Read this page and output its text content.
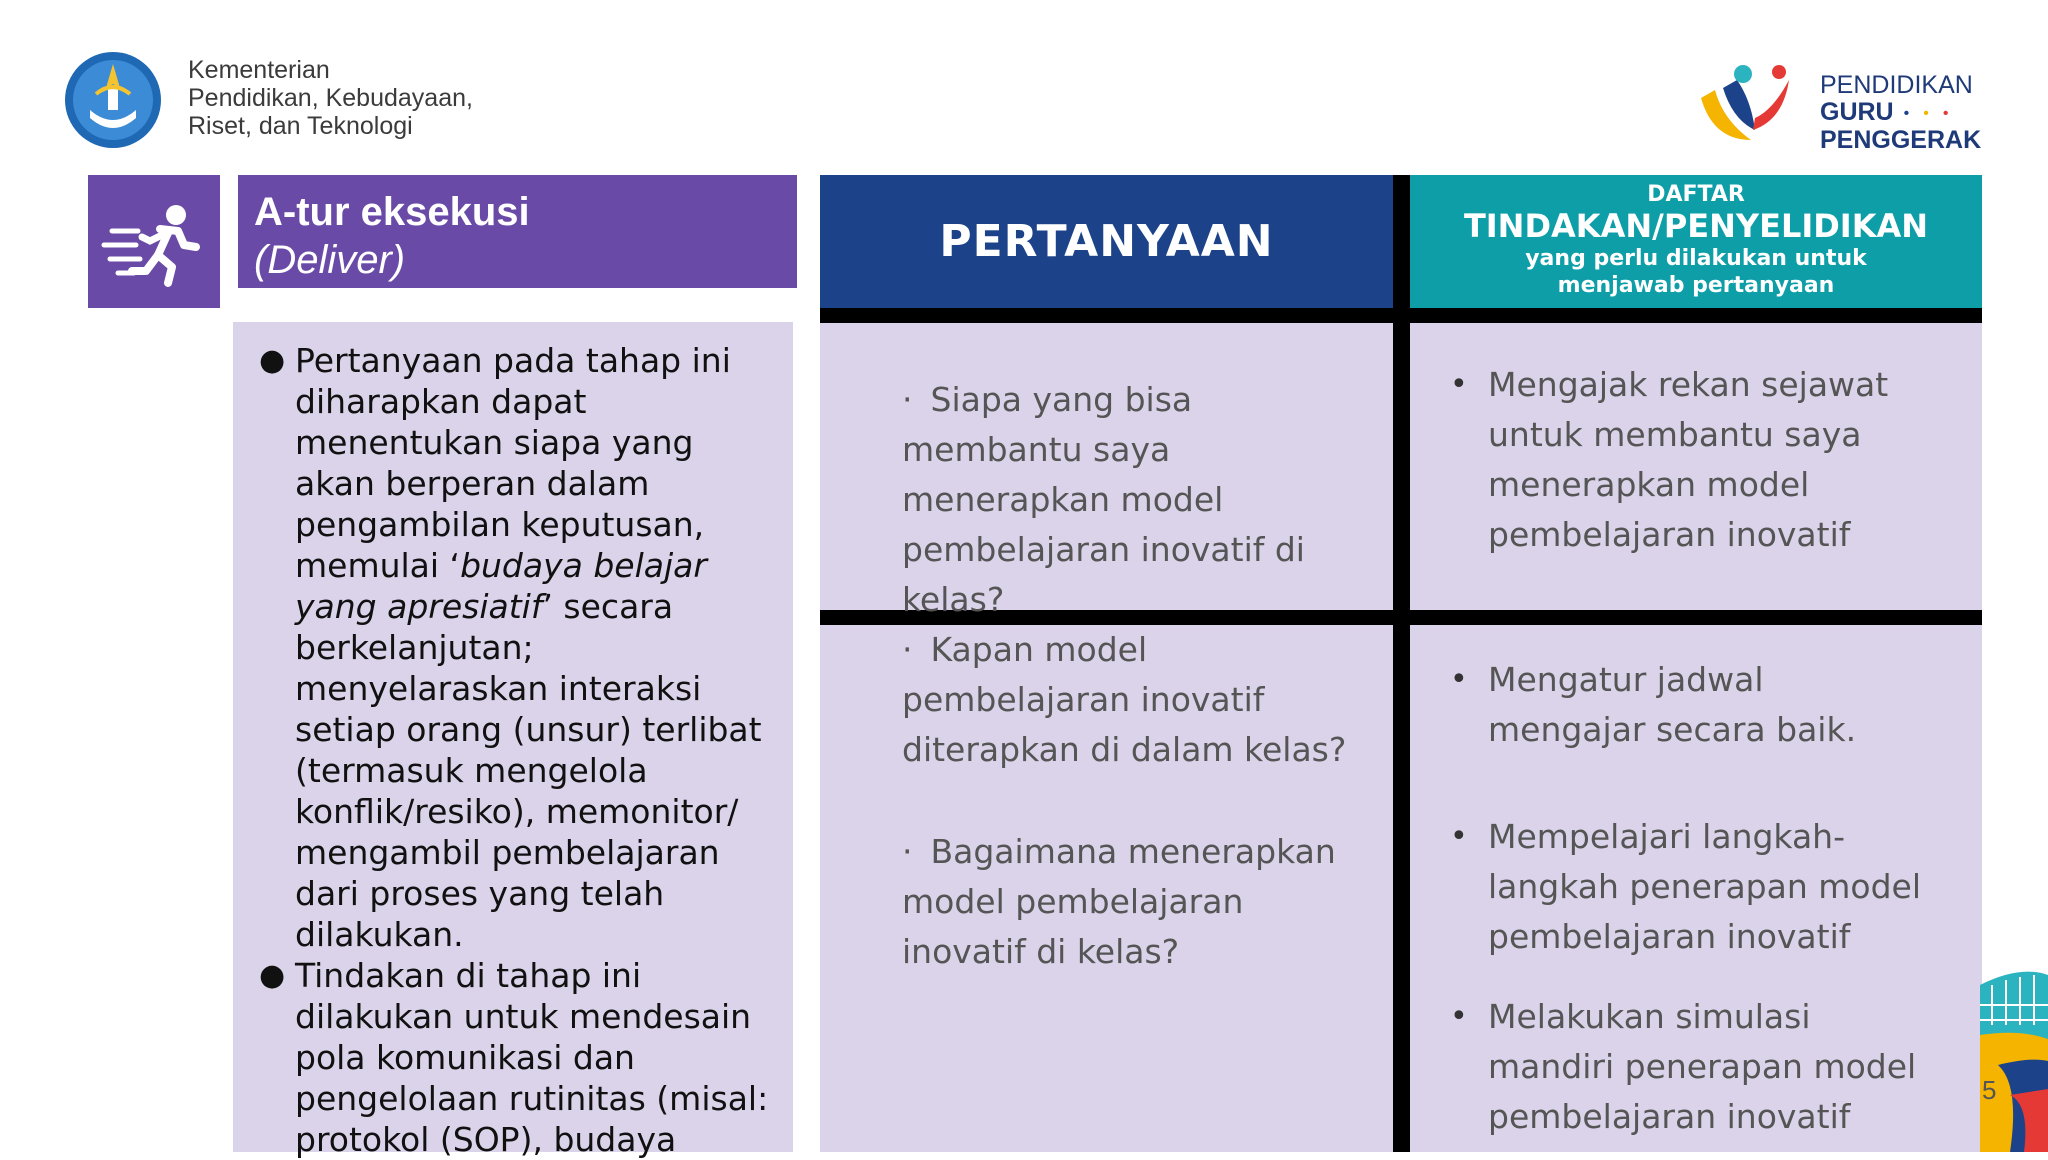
Kementerian
Pendidikan, Kebudayaan,
Riset, dan Teknologi
PENDIDIKAN
GURU •••
PENGGERAK
A-tur eksekusi
(Deliver)
● Pertanyaan pada tahap ini diharapkan dapat menentukan siapa yang akan berperan dalam pengambilan keputusan, memulai ‘budaya belajar yang apresiatif’ secara berkelanjutan; menyelaraskan interaksi setiap orang (unsur) terlibat (termasuk mengelola konflik/resiko), memonitor/ mengambil pembelajaran dari proses yang telah dilakukan.
● Tindakan di tahap ini dilakukan untuk mendesain pola komunikasi dan pengelolaan rutinitas (misal: protokol (SOP), budaya
PERTANYAAN
DAFTAR
TINDAKAN/PENYELIDIKAN
yang perlu dilakukan untuk
menjawab pertanyaan
· Siapa yang bisa membantu saya menerapkan model pembelajaran inovatif di kelas?
· Kapan model pembelajaran inovatif diterapkan di dalam kelas?
· Bagaimana menerapkan model pembelajaran inovatif di kelas?
• Mengajak rekan sejawat untuk membantu saya menerapkan model pembelajaran inovatif
• Mengatur jadwal mengajar secara baik.
• Mempelajari langkah-langkah penerapan model pembelajaran inovatif
• Melakukan simulasi mandiri penerapan model pembelajaran inovatif
5
